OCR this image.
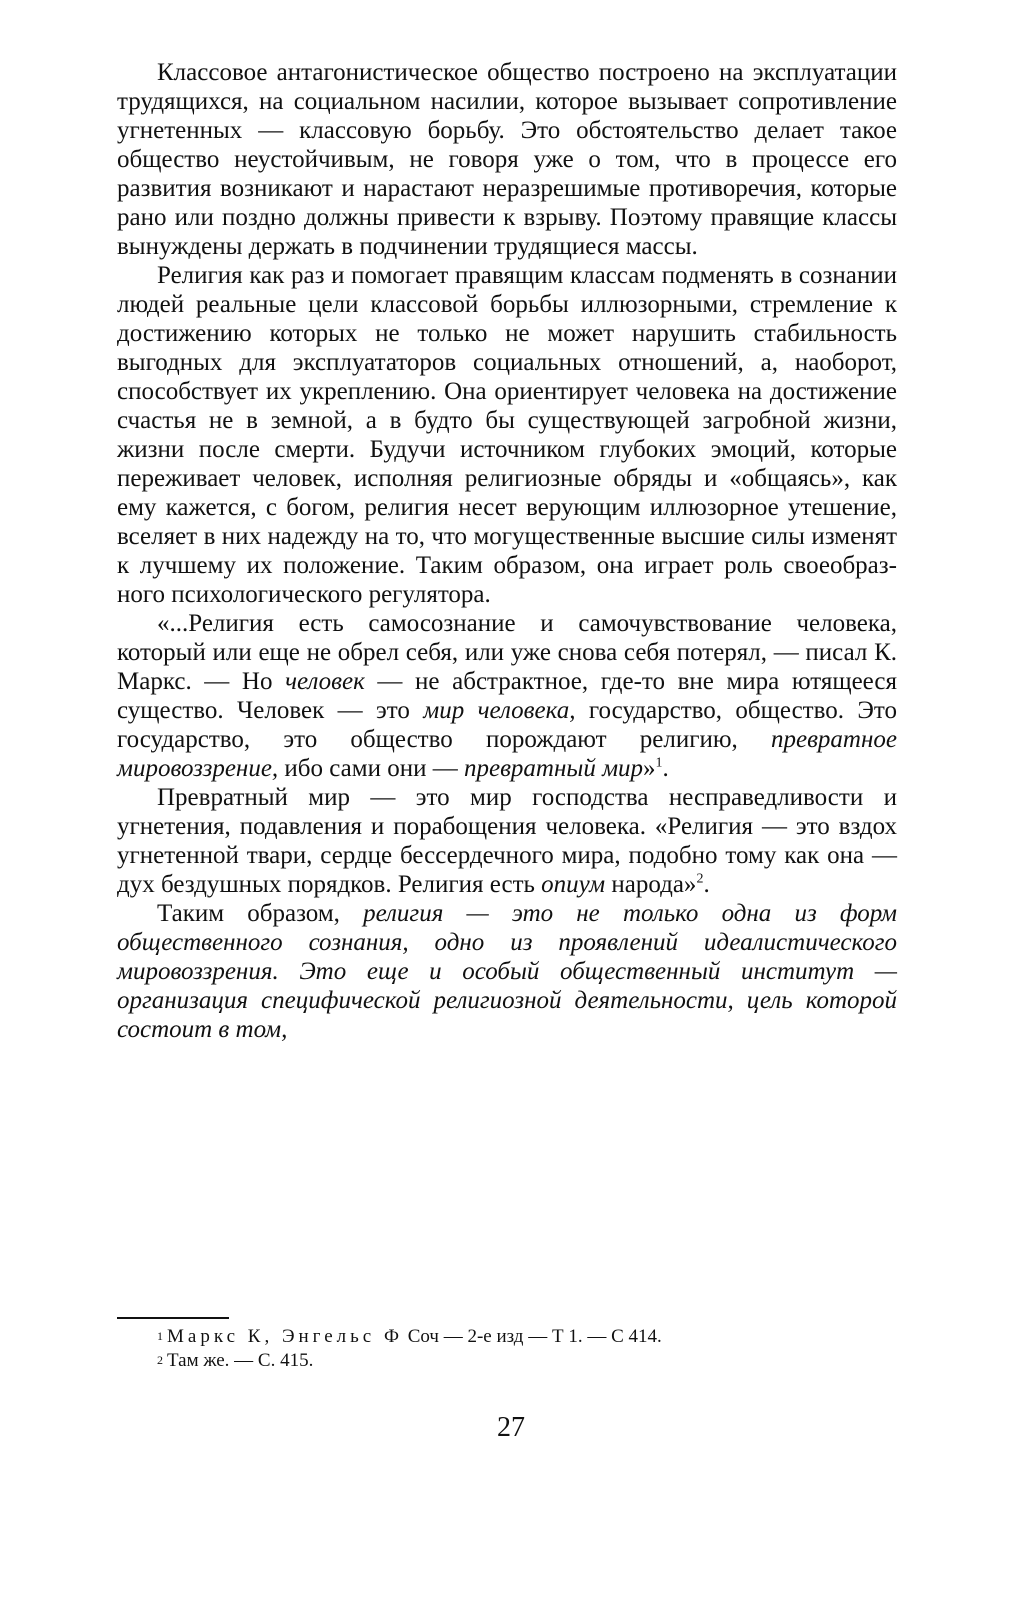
Классовое антагонистическое общество построено на эксплуатации трудящихся, на социальном насилии, которое вызывает сопротивление угнетенных — классовую борьбу. Это обстоятельство делает такое общество неустойчивым, не говоря уже о том, что в процессе его развития возникают и нарастают неразрешимые противоречия, которые рано или поздно должны привести к взрыву. Поэтому правящие классы вынуждены держать в подчинении трудящиеся массы.

Религия как раз и помогает правящим классам подменять в сознании людей реальные цели классовой борьбы иллюзорными, стремление к достижению которых не только не может нарушить стабильность выгодных для эксплуататоров социальных отношений, а, наоборот, способствует их укреплению. Она ориентирует человека на достижение счастья не в земной, а в будто бы существующей загробной жизни, жизни после смерти. Будучи источником глубоких эмоций, которые переживает человек, исполняя религиозные обряды и «общаясь», как ему кажется, с богом, религия несет верующим иллюзорное утешение, вселяет в них надежду на то, что могущественные высшие силы изменят к лучшему их положение. Таким образом, она играет роль своеобразного психологического регулятора.

«...Религия есть самосознание и самочувствование человека, который или еще не обрел себя, или уже снова себя потерял, — писал К. Маркс. — Но человек — не абстрактное, где-то вне мира ютящееся существо. Человек — это мир человека, государство, общество. Это государство, это общество порождают религию, превратное мировоззрение, ибо сами они — превратный мир»$^1$.

Превратный мир — это мир господства несправедливости и угнетения, подавления и порабощения человека. «Религия — это вздох угнетенной твари, сердце бессердечного мира, подобно тому как она — дух бездушных порядков. Религия есть опиум народа»$^2$.

Таким образом, религия — это не только одна из форм общественного сознания, одно из проявлений идеалистического мировоззрения. Это еще и особый общественный институт — организация специфической религиозной деятельности, цель которой состоит в том,

$^1$ Маркс К, Энгельс Ф Соч — 2-е изд — Т 1. — С 414.

$^2$ Там же. — С. 415.

27
